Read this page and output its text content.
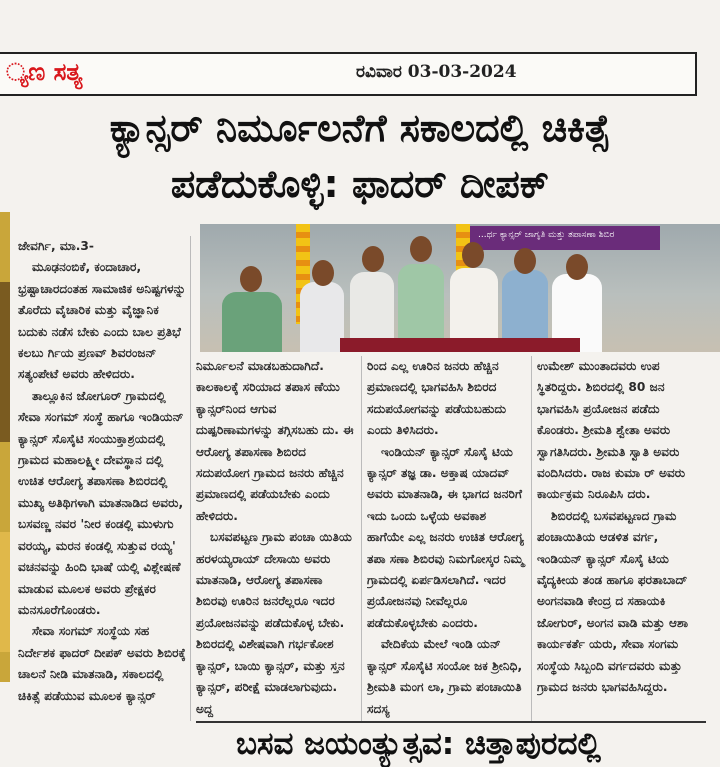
್ಯಣ ಸತ್ಯ	ರವಿವಾರ 03-03-2024
ಕ್ಯಾನ್ಸರ್ ನಿರ್ಮೂಲನೆಗೆ ಸಕಾಲದಲ್ಲಿ ಚಿಕಿತ್ಸೆ
ಪಡೆದುಕೊಳ್ಳಿ: ಫಾದರ್ ದೀಪಕ್
...ರ್ಥ ಕ್ಯಾನ್ಸರ್ ಜಾಗೃತಿ ಮತ್ತು ತಪಾಸಣಾ ಶಿಬಿರ

ಜೇವರ್ಗಿ, ಮಾ.3-

ಮೂಢನಂಬಿಕೆ, ಕಂದಾಚಾರ, ಭ್ರಷ್ಟಾಚಾರದಂತಹ ಸಾಮಾಜಿಕ ಅನಿಷ್ಟಗಳನ್ನು ತೊರೆದು ವೈಚಾರಿಕ ಮತ್ತು ವೈಜ್ಞಾನಿಕ ಬದುಕು ನಡೆಸ ಬೇಕು ಎಂದು ಬಾಲ ಪ್ರತಿಭೆ ಕಲಬು ರ್ಗಿಯ ಪ್ರಣವ್ ಶಿವರಂಜನ್ ಸತ್ಯಂಪೇಟೆ ಅವರು ಹೇಳಿದರು.

ತಾಲ್ಲೂಕಿನ ಜೋಗೂರ್ ಗ್ರಾಮದಲ್ಲಿ ಸೇವಾ ಸಂಗಮ್ ಸಂಸ್ಥೆ ಹಾಗೂ ಇಂಡಿಯನ್ ಕ್ಯಾನ್ಸರ್ ಸೊಸೈಟಿ ಸಂಯುಕ್ತಾಶ್ರಯದಲ್ಲಿ ಗ್ರಾಮದ ಮಹಾಲಕ್ಷ್ಮೀ ದೇವಸ್ಥಾನ ದಲ್ಲಿ ಉಚಿತ ಆರೋಗ್ಯ ತಪಾಸಣಾ ಶಿಬಿರದಲ್ಲಿ ಮುಖ್ಯ ಅತಿಥಿಗಳಾಗಿ ಮಾತನಾಡಿದ ಅವರು, ಬಸವಣ್ಣ ನವರ 'ನೀರ ಕಂಡಲ್ಲಿ ಮುಳುಗು ವರಯ್ಯ, ಮರನ ಕಂಡಲ್ಲಿ ಸುತ್ತುವ ರಯ್ಯ' ವಚನವನ್ನು ಹಿಂದಿ ಭಾಷೆ ಯಲ್ಲಿ ವಿಶ್ಲೇಷಣೆ ಮಾಡುವ ಮೂಲಕ ಅವರು ಪ್ರೇಕ್ಷಕರ ಮನಸೂರೆಗೊಂಡರು.

ಸೇವಾ ಸಂಗಮ್ ಸಂಸ್ಥೆಯ ಸಹ ನಿರ್ದೇಶಕ ಫಾದರ್ ದೀಪಕ್ ಅವರು ಶಿಬಿರಕ್ಕೆ ಚಾಲನೆ ನೀಡಿ ಮಾತನಾಡಿ, ಸಕಾಲದಲ್ಲಿ ಚಿಕಿತ್ಸೆ ಪಡೆಯುವ ಮೂಲಕ ಕ್ಯಾನ್ಸರ್

ನಿರ್ಮೂಲನೆ ಮಾಡಬಹುದಾಗಿದೆ. ಕಾಲಕಾಲಕ್ಕೆ ಸರಿಯಾದ ತಪಾಸ ಣೆಯು ಕ್ಯಾನ್ಸರ್‌ನಿಂದ ಆಗುವ ದುಷ್ಪರಿಣಾಮಗಳನ್ನು ತಗ್ಗಿಸಬಹು ದು. ಈ ಆರೋಗ್ಯ ತಪಾಸಣಾ ಶಿಬಿರದ ಸದುಪಯೋಗ ಗ್ರಾಮದ ಜನರು ಹೆಚ್ಚಿನ ಪ್ರಮಾಣದಲ್ಲಿ ಪಡೆಯಬೇಕು ಎಂದು ಹೇಳಿದರು.

ಬಸವಪಟ್ಟಣ ಗ್ರಾಮ ಪಂಚಾ ಯಿತಿಯ ಹರಳಯ್ಯರಾಯ್ ದೇಸಾಯಿ ಅವರು ಮಾತನಾಡಿ, ಆರೋಗ್ಯ ತಪಾಸಣಾ ಶಿಬಿರವು ಊರಿನ ಜನರೆಲ್ಲರೂ ಇದರ ಪ್ರಯೋಜನವನ್ನು ಪಡೆದುಕೊಳ್ಳ ಬೇಕು. ಶಿಬಿರದಲ್ಲಿ ವಿಶೇಷವಾಗಿ ಗರ್ಭಕೋಶ ಕ್ಯಾನ್ಸರ್, ಬಾಯಿ ಕ್ಯಾನ್ಸರ್, ಮತ್ತು ಸ್ತನ ಕ್ಯಾನ್ಸರ್, ಪರೀಕ್ಷೆ ಮಾಡಲಾಗುವುದು. ಅದ್ದ

ರಿಂದ ಎಲ್ಲ ಊರಿನ ಜನರು ಹೆಚ್ಚಿನ ಪ್ರಮಾಣದಲ್ಲಿ ಭಾಗವಹಿಸಿ ಶಿಬಿರದ ಸದುಪಯೋಗವನ್ನು ಪಡೆಯಬಹುದು ಎಂದು ತಿಳಿಸಿದರು.

ಇಂಡಿಯನ್ ಕ್ಯಾನ್ಸರ್ ಸೊಸೈ ಟಿಯ ಕ್ಯಾನ್ಸರ್ ತಜ್ಞ ಡಾ. ಅಕ್ತಾಷ ಯಾದವ್ ಅವರು ಮಾತನಾಡಿ, ಈ ಭಾಗದ ಜನರಿಗೆ ಇದು ಒಂದು ಒಳ್ಳೆಯ ಅವಕಾಶ ಹಾಗೆಯೇ ಎಲ್ಲ ಜನರು ಉಚಿತ ಆರೋಗ್ಯ ತಪಾ ಸಣಾ ಶಿಬಿರವು ನಿಮಗೋಸ್ಕರ ನಿಮ್ಮ ಗ್ರಾಮದಲ್ಲಿ ಏರ್ಪಡಿಸಲಾಗಿದೆ. ಇದರ ಪ್ರಯೋಜನವು ನೀವೆಲ್ಲರೂ ಪಡೆದುಕೊಳ್ಳಬೇಕು ಎಂದರು.

ವೇದಿಕೆಯ ಮೇಲೆ ಇಂಡಿ ಯನ್ ಕ್ಯಾನ್ಸರ್ ಸೊಸೈಟಿ ಸಂಯೋ ಜಕ ಶ್ರೀನಿಧಿ, ಶ್ರೀಮತಿ ಮಂಗ ಲಾ, ಗ್ರಾಮ ಪಂಚಾಯಿತಿ ಸದಸ್ಯ

ಉಮೇಶ್ ಮುಂತಾದವರು ಉಪ ಸ್ಥಿತರಿದ್ದರು. ಶಿಬಿರದಲ್ಲಿ 80 ಜನ ಭಾಗವಹಿಸಿ ಪ್ರಯೋಜನ ಪಡೆದು ಕೊಂಡರು. ಶ್ರೀಮತಿ ಶ್ವೇತಾ ಅವರು ಸ್ವಾಗತಿಸಿದರು. ಶ್ರೀಮತಿ ಸ್ವಾತಿ ಅವರು ವಂದಿಸಿದರು. ರಾಜ ಕುಮಾ ರ್ ಅವರು ಕಾರ್ಯಕ್ರಮ ನಿರೂಪಿಸಿ ದರು.

ಶಿಬಿರದಲ್ಲಿ ಬಸವಪಟ್ಟಣದ ಗ್ರಾಮ ಪಂಚಾಯಿತಿಯ ಆಡಳಿತ ವರ್ಗ, ಇಂಡಿಯನ್ ಕ್ಯಾನ್ಸರ್ ಸೊಸೈ ಟಿಯ ವೈದ್ಯಕೀಯ ತಂಡ ಹಾಗೂ ಫರತಾಬಾದ್ ಅಂಗನವಾಡಿ ಕೇಂದ್ರ ದ ಸಹಾಯಕಿ ಜೋಗುರ್, ಅಂಗನ ವಾಡಿ ಮತ್ತು ಆಶಾ ಕಾರ್ಯಕರ್ತೆ ಯರು, ಸೇವಾ ಸಂಗಮ ಸಂಸ್ಥೆಯ ಸಿಬ್ಬಂದಿ ವರ್ಗದವರು ಮತ್ತು ಗ್ರಾಮದ ಜನರು ಭಾಗವಹಿಸಿದ್ದರು.

ಬಸವ ಜಯಂತ್ಯುತ್ಸವ: ಚಿತ್ತಾಪುರದಲ್ಲಿ
